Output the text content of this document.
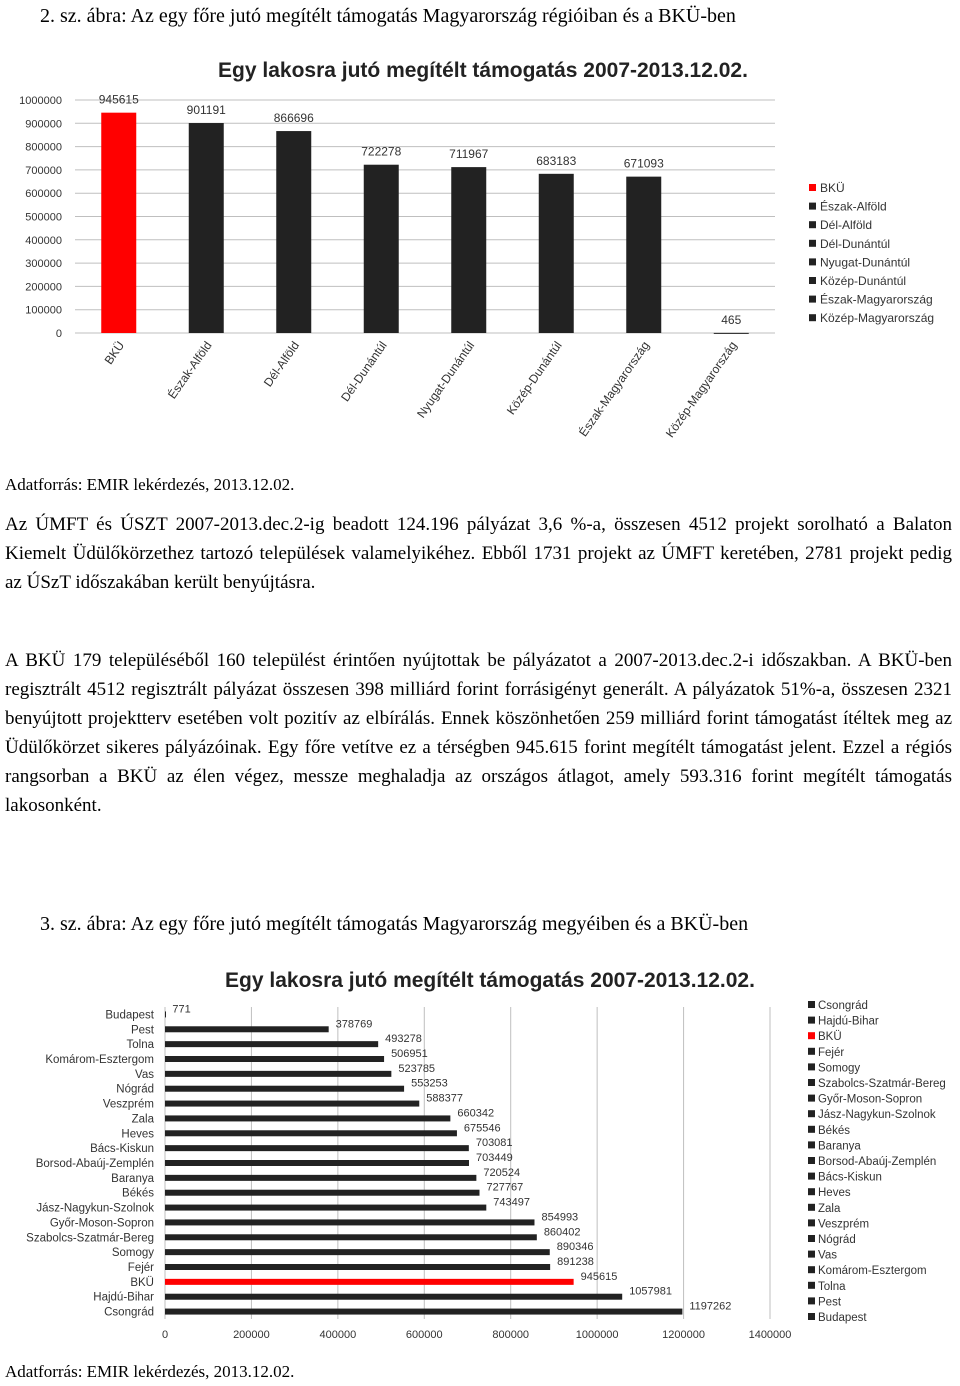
2. sz. ábra: Az egy főre jutó megítélt támogatás Magyarország régióiban és a BKÜ-ben
Egy lakosra jutó megítélt támogatás 2007-2013.12.02.
0
100000
200000
300000
400000
500000
600000
700000
800000
900000
1000000	945615
BKÜ
901191
Észak-Alföld
866696
Dél-Alföld
722278
Dél-Dunántúl
711967
Nyugat-Dunántúl
683183
Közép-Dunántúl
671093
Észak-Magyarország
465
Közép-Magyarország
BKÜ
Észak-Alföld
Dél-Alföld
Dél-Dunántúl
Nyugat-Dunántúl
Közép-Dunántúl
Észak-Magyarország
Közép-Magyarország
Adatforrás: EMIR lekérdezés, 2013.12.02.
Az ÚMFT és ÚSZT 2007-2013.dec.2-ig beadott 124.196 pályázat 3,6 %-a, összesen 4512 projekt sorolható a Balaton Kiemelt Üdülőkörzethez tartozó települések valamelyikéhez. Ebből 1731 projekt az ÚMFT keretében, 2781 projekt pedig az ÚSzT időszakában került benyújtásra.
A BKÜ 179 településéből 160 települést érintően nyújtottak be pályázatot a 2007-2013.dec.2-i időszakban. A BKÜ-ben regisztrált 4512 regisztrált pályázat összesen 398 milliárd forint forrásigényt generált. A pályázatok 51%-a, összesen 2321 benyújtott projektterv esetében volt pozitív az elbírálás. Ennek köszönhetően 259 milliárd forint támogatást ítéltek meg az Üdülőkörzet sikeres pályázóinak. Egy főre vetítve ez a térségben 945.615 forint megítélt támogatást jelent. Ezzel a régiós rangsorban a BKÜ az élen végez, messze meghaladja az országos átlagot, amely 593.316 forint megítélt támogatás lakosonként.
3. sz. ábra: Az egy főre jutó megítélt támogatás Magyarország megyéiben és a BKÜ-ben
Egy lakosra jutó megítélt támogatás 2007-2013.12.02.
0	200000	400000	600000	800000	1000000	1200000	1400000
771
Budapest
378769
Pest
493278
Tolna
506951
Komárom-Esztergom
523785
Vas
553253
Nógrád
588377
Veszprém
660342
Zala
675546
Heves
703081
Bács-Kiskun
703449
Borsod-Abaúj-Zemplén
720524
Baranya
727767
Békés
743497
Jász-Nagykun-Szolnok
854993
Győr-Moson-Sopron
860402
Szabolcs-Szatmár-Bereg
890346
Somogy
891238
Fejér
945615
BKÜ
1057981
Hajdú-Bihar
1197262
Csongrád
Csongrád
Hajdú-Bihar
BKÜ
Fejér
Somogy
Szabolcs-Szatmár-Bereg
Győr-Moson-Sopron
Jász-Nagykun-Szolnok
Békés
Baranya
Borsod-Abaúj-Zemplén
Bács-Kiskun
Heves
Zala
Veszprém
Nógrád
Vas
Komárom-Esztergom
Tolna
Pest
Budapest
Adatforrás: EMIR lekérdezés, 2013.12.02.
